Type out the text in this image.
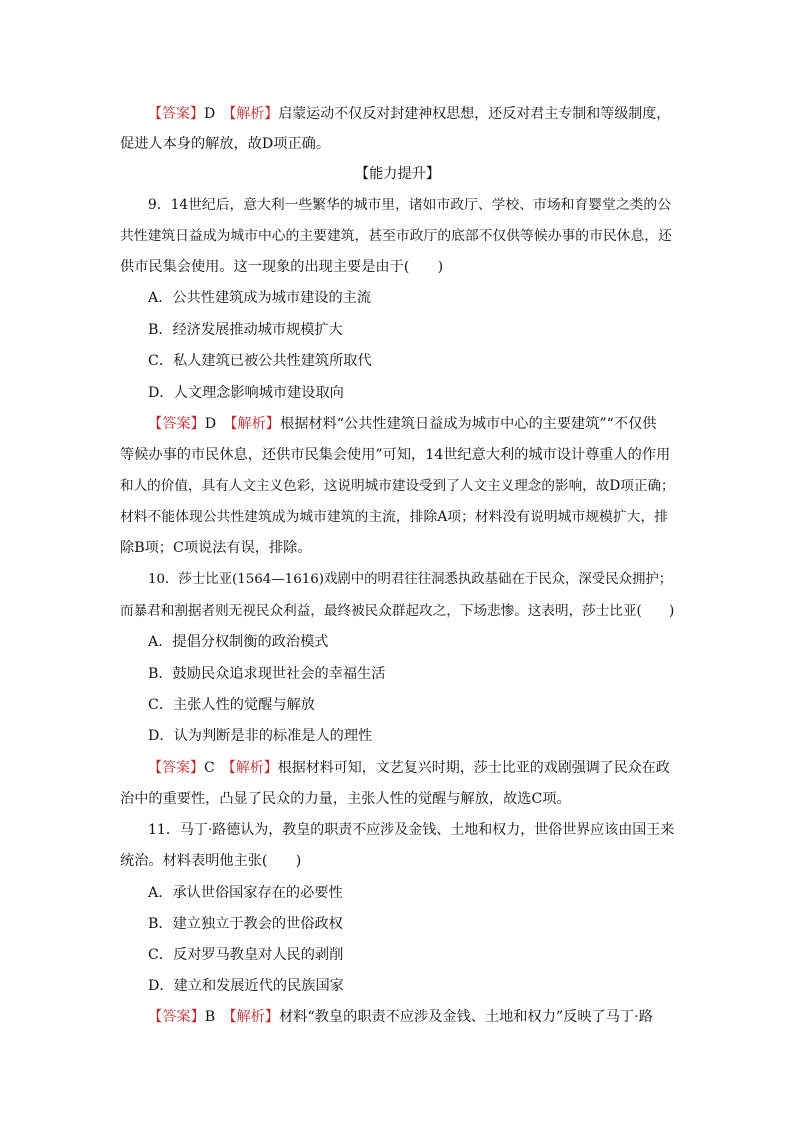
【答案】D　 【解析】启蒙运动不仅反对封建神权思想，还反对君主专制和等级制度，
促进人本身的解放，故D项正确。
【能力提升】
9．14世纪后，意大利一些繁华的城市里，诸如市政厅、学校、市场和育婴堂之类的公
共性建筑日益成为城市中心的主要建筑，甚至市政厅的底部不仅供等候办事的市民休息，还
供市民集会使用。这一现象的出现主要是由于(　　)
A．公共性建筑成为城市建设的主流
B．经济发展推动城市规模扩大
C．私人建筑已被公共性建筑所取代
D．人文理念影响城市建设取向
【答案】D　 【解析】根据材料“公共性建筑日益成为城市中心的主要建筑”“不仅供
等候办事的市民休息，还供市民集会使用”可知，14世纪意大利的城市设计尊重人的作用
和人的价值，具有人文主义色彩，这说明城市建设受到了人文主义理念的影响，故D项正确；
材料不能体现公共性建筑成为城市建筑的主流，排除A项；材料没有说明城市规模扩大，排
除B项；C项说法有误，排除。
10．莎士比亚(1564—1616)戏剧中的明君往往洞悉执政基础在于民众，深受民众拥护；
而暴君和割据者则无视民众利益，最终被民众群起攻之，下场悲惨。这表明，莎士比亚(　　)
A．提倡分权制衡的政治模式
B．鼓励民众追求现世社会的幸福生活
C．主张人性的觉醒与解放
D．认为判断是非的标准是人的理性
【答案】C　 【解析】根据材料可知，文艺复兴时期，莎士比亚的戏剧强调了民众在政
治中的重要性，凸显了民众的力量，主张人性的觉醒与解放，故选C项。
11．马丁·路德认为，教皇的职责不应涉及金钱、土地和权力，世俗世界应该由国王来
统治。材料表明他主张(　　)
A．承认世俗国家存在的必要性
B．建立独立于教会的世俗政权
C．反对罗马教皇对人民的剥削
D．建立和发展近代的民族国家
【答案】B　 【解析】材料“教皇的职责不应涉及金钱、土地和权力”反映了马丁·路
